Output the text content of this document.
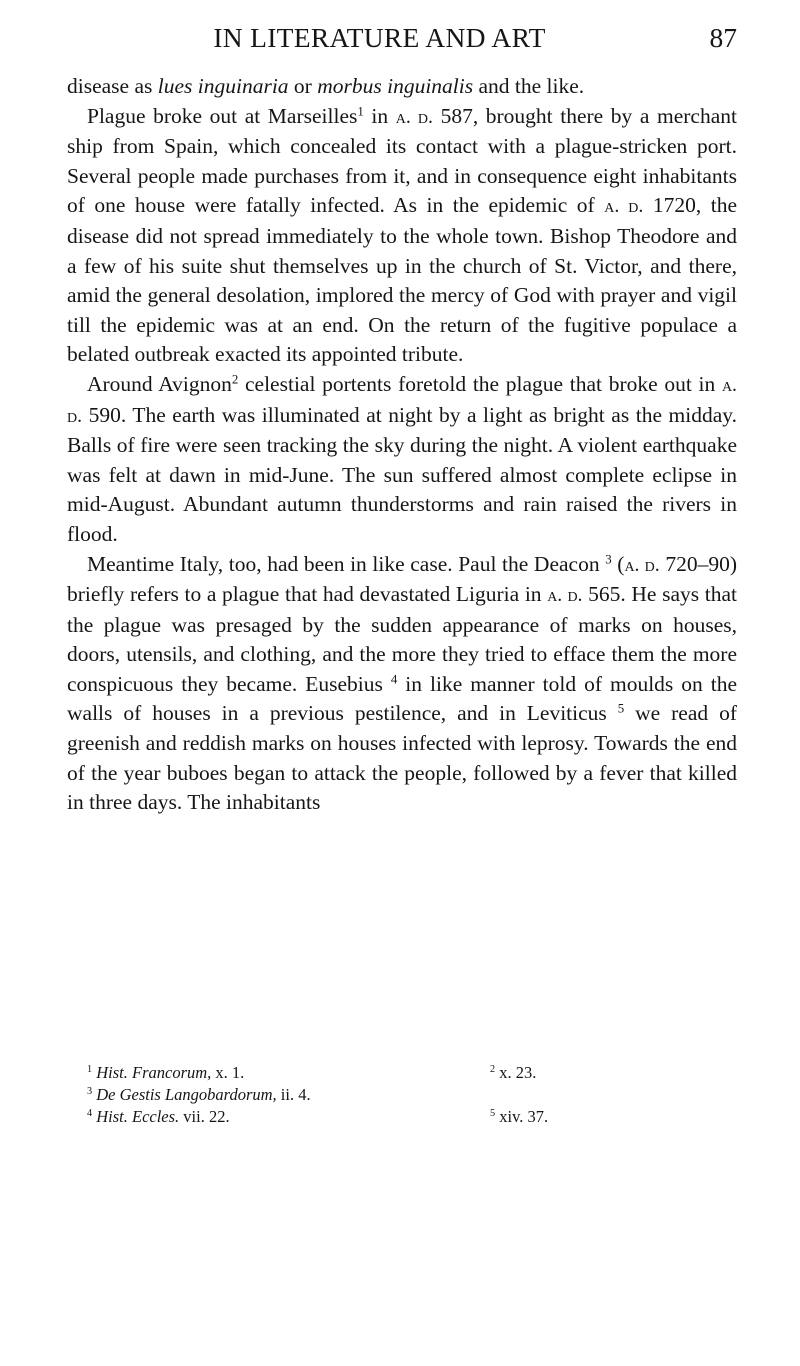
IN LITERATURE AND ART	87

disease as lues inguinaria or morbus inguinalis and the like.

Plague broke out at Marseilles$^1$ in a. d. 587, brought there by a merchant ship from Spain, which concealed its contact with a plague-stricken port. Several people made purchases from it, and in consequence eight inhabitants of one house were fatally infected. As in the epidemic of a. d. 1720, the disease did not spread immediately to the whole town. Bishop Theodore and a few of his suite shut themselves up in the church of St. Victor, and there, amid the general desolation, implored the mercy of God with prayer and vigil till the epidemic was at an end. On the return of the fugitive populace a belated outbreak exacted its appointed tribute.

Around Avignon$^2$ celestial portents foretold the plague that broke out in a. d. 590. The earth was illuminated at night by a light as bright as the midday. Balls of fire were seen tracking the sky during the night. A violent earthquake was felt at dawn in mid-June. The sun suffered almost complete eclipse in mid-August. Abundant autumn thunderstorms and rain raised the rivers in flood.

Meantime Italy, too, had been in like case. Paul the Deacon $^3$ (a. d. 720–90) briefly refers to a plague that had devastated Liguria in a. d. 565. He says that the plague was presaged by the sudden appearance of marks on houses, doors, utensils, and clothing, and the more they tried to efface them the more conspicuous they became. Eusebius $^4$ in like manner told of moulds on the walls of houses in a previous pestilence, and in Leviticus $^5$ we read of greenish and reddish marks on houses infected with leprosy. Towards the end of the year buboes began to attack the people, followed by a fever that killed in three days. The inhabitants

$^1$ Hist. Francorum, x. 1.	$^2$ x. 23.
$^3$ De Gestis Langobardorum, ii. 4.
$^4$ Hist. Eccles. vii. 22.	$^5$ xiv. 37.
